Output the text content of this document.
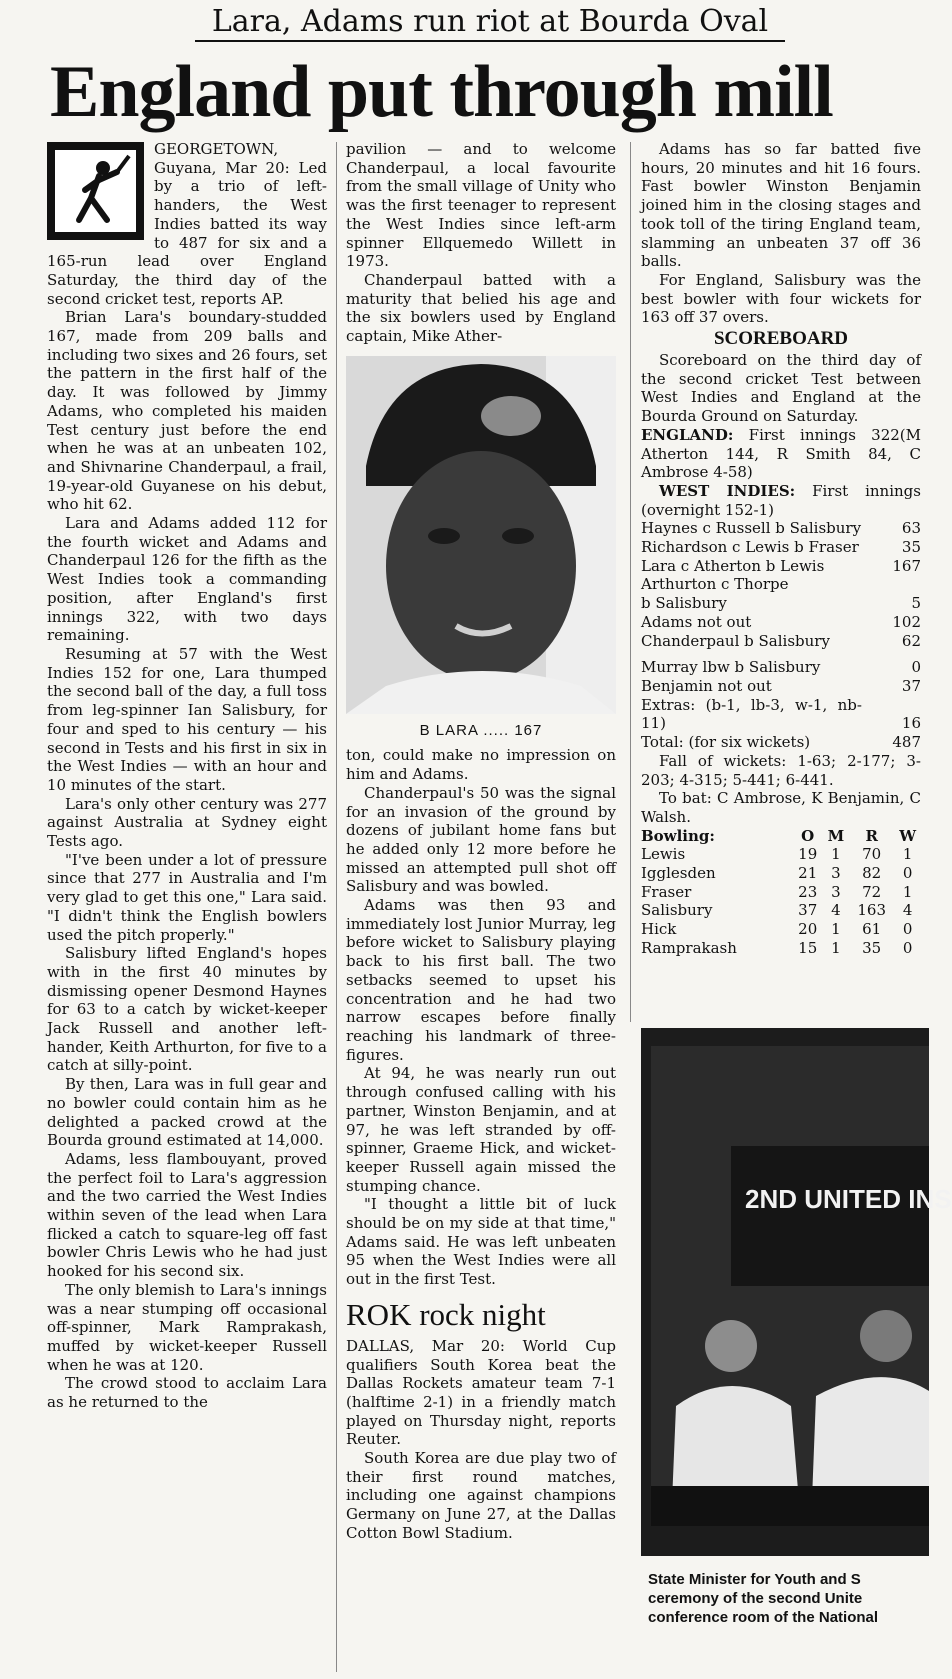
Lara, Adams run riot at Bourda Oval
England put through mill

GEORGETOWN, Guyana, Mar 20: Led by a trio of left-handers, the West Indies batted its way to 487 for six and a 165-run lead over England Saturday, the third day of the second cricket test, reports AP.

Brian Lara's boundary-studded 167, made from 209 balls and including two sixes and 26 fours, set the pattern in the first half of the day. It was followed by Jimmy Adams, who completed his maiden Test century just before the end when he was at an unbeaten 102, and Shivnarine Chanderpaul, a frail, 19-year-old Guyanese on his debut, who hit 62.

Lara and Adams added 112 for the fourth wicket and Adams and Chanderpaul 126 for the fifth as the West Indies took a commanding position, after England's first innings 322, with two days remaining.

Resuming at 57 with the West Indies 152 for one, Lara thumped the second ball of the day, a full toss from leg-spinner Ian Salisbury, for four and sped to his century — his second in Tests and his first in six in the West Indies — with an hour and 10 minutes of the start.

Lara's only other century was 277 against Australia at Sydney eight Tests ago.

"I've been under a lot of pressure since that 277 in Australia and I'm very glad to get this one," Lara said. "I didn't think the English bowlers used the pitch properly."

Salisbury lifted England's hopes with in the first 40 minutes by dismissing opener Desmond Haynes for 63 to a catch by wicket-keeper Jack Russell and another left-hander, Keith Arthurton, for five to a catch at silly-point.

By then, Lara was in full gear and no bowler could contain him as he delighted a packed crowd at the Bourda ground estimated at 14,000.

Adams, less flambouyant, proved the perfect foil to Lara's aggression and the two carried the West Indies within seven of the lead when Lara flicked a catch to square-leg off fast bowler Chris Lewis who he had just hooked for his second six.

The only blemish to Lara's innings was a near stumping off occasional off-spinner, Mark Ramprakash, muffed by wicket-keeper Russell when he was at 120.

The crowd stood to acclaim Lara as he returned to the

pavilion — and to welcome Chanderpaul, a local favourite from the small village of Unity who was the first teenager to represent the West Indies since left-arm spinner Ellquemedo Willett in 1973.

Chanderpaul batted with a maturity that belied his age and the six bowlers used by England captain, Mike Ather-

B LARA ..... 167

ton, could make no impression on him and Adams.

Chanderpaul's 50 was the signal for an invasion of the ground by dozens of jubilant home fans but he added only 12 more before he missed an attempted pull shot off Salisbury and was bowled.

Adams was then 93 and immediately lost Junior Murray, leg before wicket to Salisbury playing back to his first ball. The two setbacks seemed to upset his concentration and he had two narrow escapes before finally reaching his landmark of three-figures.

At 94, he was nearly run out through confused calling with his partner, Winston Benjamin, and at 97, he was left stranded by off-spinner, Graeme Hick, and wicket-keeper Russell again missed the stumping chance.

"I thought a little bit of luck should be on my side at that time," Adams said. He was left unbeaten 95 when the West Indies were all out in the first Test.

ROK rock night

DALLAS, Mar 20: World Cup qualifiers South Korea beat the Dallas Rockets amateur team 7-1 (halftime 2-1) in a friendly match played on Thursday night, reports Reuter.

South Korea are due play two of their first round matches, including one against champions Germany on June 27, at the Dallas Cotton Bowl Stadium.

Adams has so far batted five hours, 20 minutes and hit 16 fours. Fast bowler Winston Benjamin joined him in the closing stages and took toll of the tiring England team, slamming an unbeaten 37 off 36 balls.

For England, Salisbury was the best bowler with four wickets for 163 off 37 overs.

SCOREBOARD

Scoreboard on the third day of the second cricket Test between West Indies and England at the Bourda Ground on Saturday.

ENGLAND: First innings 322(M Atherton 144, R Smith 84, C Ambrose 4-58)

WEST INDIES: First innings (overnight 152-1)

Haynes c Russell b Salisbury	63
Richardson c Lewis b Fraser	35
Lara c Atherton b Lewis	167
Arthurton c Thorpe
b Salisbury	5
Adams not out	102
Chanderpaul b Salisbury	62
Murray lbw b Salisbury	0
Benjamin not out	37
Extras: (b-1, lb-3, w-1, nb-11)	16
Total: (for six wickets)	487

Fall of wickets: 1-63; 2-177; 3-203; 4-315; 5-441; 6-441.

To bat: C Ambrose, K Benjamin, C Walsh.

Bowling:	O	M	R	W
Lewis	19	1	70	1
Igglesden	21	3	82	0
Fraser	23	3	72	1
Salisbury	37	4	163	4
Hick	20	1	61	0
Ramprakash	15	1	35	0
2ND UNITED INS
State Minister for Youth and S
ceremony of the second Unite
conference room of the National
